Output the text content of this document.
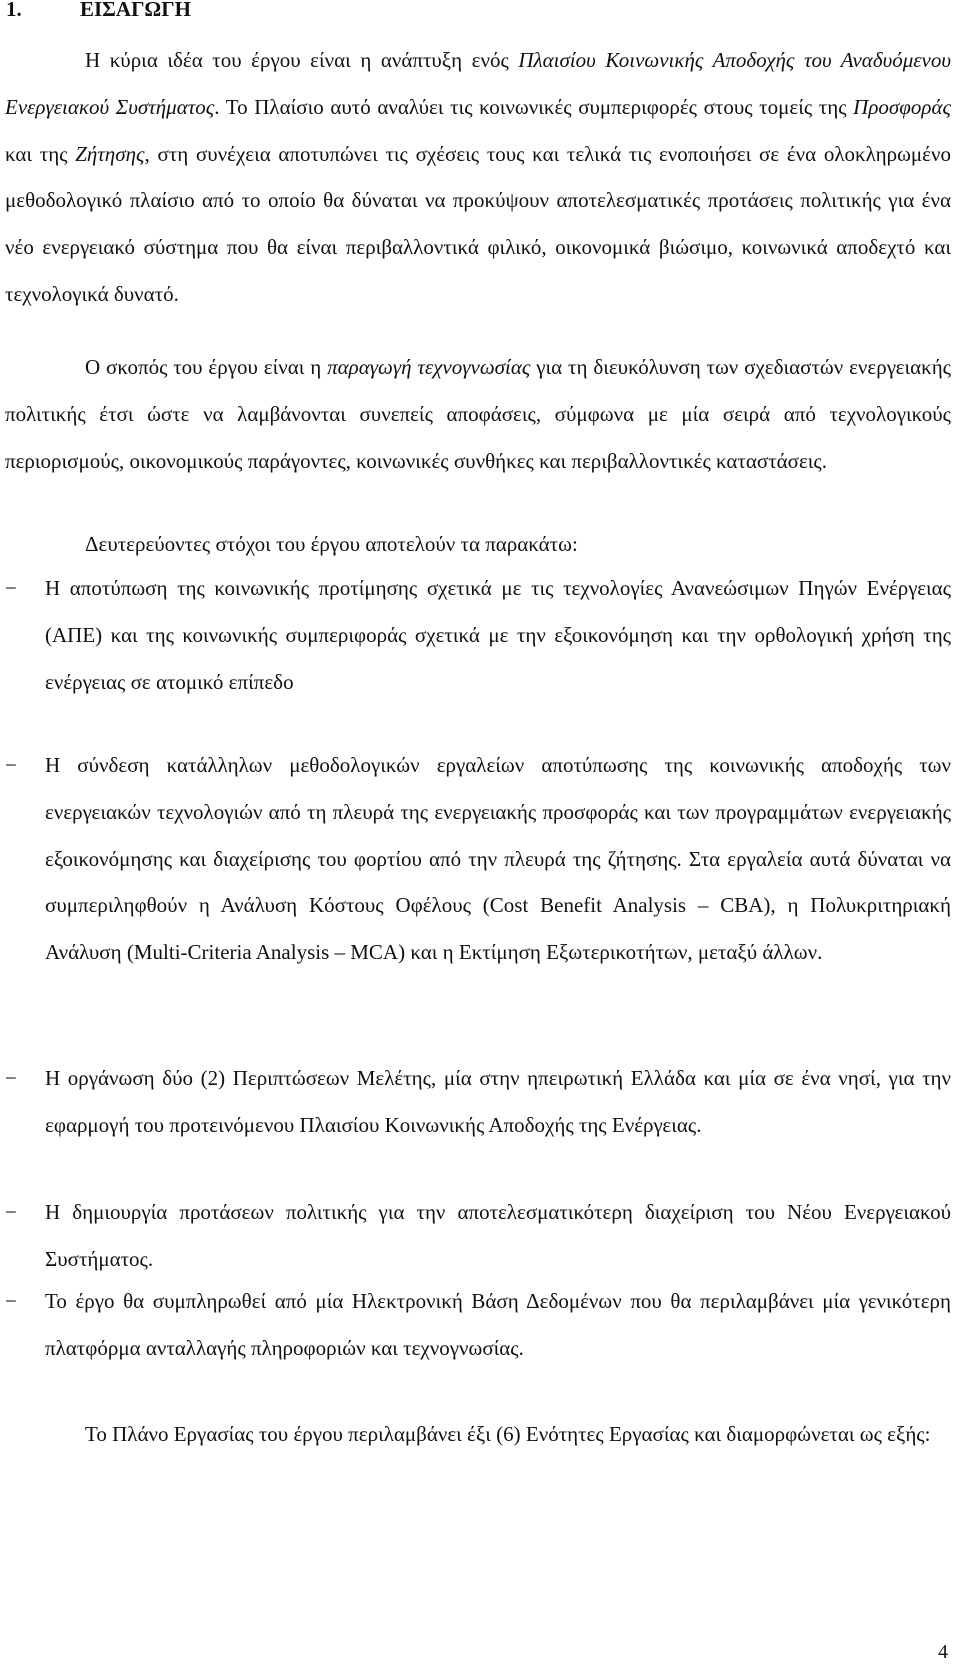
1.	ΕΙΣΑΓΩΓΗ

Η κύρια ιδέα του έργου είναι η ανάπτυξη ενός Πλαισίου Κοινωνικής Αποδοχής του Αναδυόμενου Ενεργειακού Συστήματος. Το Πλαίσιο αυτό αναλύει τις κοινωνικές συμπεριφορές στους τομείς της Προσφοράς και της Ζήτησης, στη συνέχεια αποτυπώνει τις σχέσεις τους και τελικά τις ενοποιήσει σε ένα ολοκληρωμένο μεθοδολογικό πλαίσιο από το οποίο θα δύναται να προκύψουν αποτελεσματικές προτάσεις πολιτικής για ένα νέο ενεργειακό σύστημα που θα είναι περιβαλλοντικά φιλικό, οικονομικά βιώσιμο, κοινωνικά αποδεχτό και τεχνολογικά δυνατό.

Ο σκοπός του έργου είναι η παραγωγή τεχνογνωσίας για τη διευκόλυνση των σχεδιαστών ενεργειακής πολιτικής έτσι ώστε να λαμβάνονται συνεπείς αποφάσεις, σύμφωνα με μία σειρά από τεχνολογικούς περιορισμούς, οικονομικούς παράγοντες, κοινωνικές συνθήκες και περιβαλλοντικές καταστάσεις.

Δευτερεύοντες στόχοι του έργου αποτελούν τα παρακάτω:

−	Η αποτύπωση της κοινωνικής προτίμησης σχετικά με τις τεχνολογίες Ανανεώσιμων Πηγών Ενέργειας (ΑΠΕ) και της κοινωνικής συμπεριφοράς σχετικά με την εξοικονόμηση και την ορθολογική χρήση της ενέργειας σε ατομικό επίπεδο
−	Η σύνδεση κατάλληλων μεθοδολογικών εργαλείων αποτύπωσης της κοινωνικής αποδοχής των ενεργειακών τεχνολογιών από τη πλευρά της ενεργειακής προσφοράς και των προγραμμάτων ενεργειακής εξοικονόμησης και διαχείρισης του φορτίου από την πλευρά της ζήτησης. Στα εργαλεία αυτά δύναται να συμπεριληφθούν η Ανάλυση Κόστους Οφέλους (Cost Benefit Analysis – CBA), η Πολυκριτηριακή Ανάλυση (Multi-Criteria Analysis – MCA) και η Εκτίμηση Εξωτερικοτήτων, μεταξύ άλλων.
−	Η οργάνωση δύο (2) Περιπτώσεων Μελέτης, μία στην ηπειρωτική Ελλάδα και μία σε ένα νησί, για την εφαρμογή του προτεινόμενου Πλαισίου Κοινωνικής Αποδοχής της Ενέργειας.
−	Η δημιουργία προτάσεων πολιτικής για την αποτελεσματικότερη διαχείριση του Νέου Ενεργειακού Συστήματος.
−	Το έργο θα συμπληρωθεί από μία Ηλεκτρονική Βάση Δεδομένων που θα περιλαμβάνει μία γενικότερη πλατφόρμα ανταλλαγής πληροφοριών και τεχνογνωσίας.

Το Πλάνο Εργασίας του έργου περιλαμβάνει έξι (6) Ενότητες Εργασίας και διαμορφώνεται ως εξής:

4
